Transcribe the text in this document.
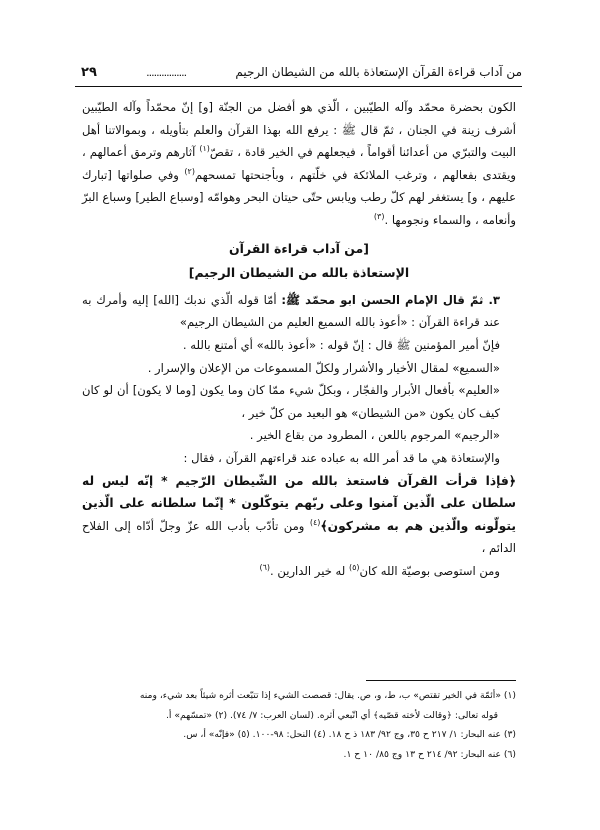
من آداب قراءة القرآن الإستعاذة بالله من الشيطان الرجيم
................
٢٩

الكون بحضرة محمّد وآله الطيّبين ، الّذي هو أفضل من الجنّة [و] إنّ محمّداً وآله الطيّبين أشرف زينة في الجنان ، ثمّ قال ﷺ : يرفع الله بهذا القرآن والعلم بتأويله ، وبموالاتنا أهل البيت والتبرّي من أعدائنا أقواماً ، فيجعلهم في الخير قادة ، تقصّ$^{(١)}$ آثارهم وترمق أعمالهم ، ويقتدى بفعالهم ، وترغب الملائكة في خلّتهم ، وبأجنحتها تمسحهم$^{(٢)}$ وفي صلواتها [تبارك عليهم ، و] يستغفر لهم كلّ رطب ويابس حتّى حيتان البحر وهوامّه [وسباع الطير] وسباع البرّ وأنعامه ، والسماء ونجومها .$^{(٣)}$

[من آداب قراءة القرآن

الإستعاذة بالله من الشيطان الرجيم]

٣. ثمّ قال الإمام الحسن ابو محمّد ﷺ: أمّا قوله الّذي ندبك [الله] إليه وأمرك به عند قراءة القرآن : «أعوذ بالله السميع العليم من الشيطان الرجيم»

فإنّ أمير المؤمنين ﷺ قال : إنّ قوله : «أعوذ بالله» أي أمتنع بالله .

«السميع» لمقال الأخيار والأشرار ولكلّ المسموعات من الإعلان والإسرار .

«العليم» بأفعال الأبرار والفجّار ، وبكلّ شيء ممّا كان وما يكون [وما لا يكون] أن لو كان كيف كان يكون «من الشيطان» هو البعيد من كلّ خير ،

«الرجيم» المرجوم باللعن ، المطرود من بقاع الخير .

والإستعاذة هي ما قد أمر الله به عباده عند قراءتهم القرآن ، فقال :

﴿فإذا قرأت القرآن فاستعذ بالله من الشّيطان الرّجيم * إنّه ليس له سلطان على الّذين آمنوا وعلى ربّهم يتوكّلون * إنّما سلطانه على الّذين يتولّونه والّذين هم به مشركون﴾$^{(٤)}$ ومن تأدّب بأدب الله عزّ وجلّ أدّاه إلى الفلاح الدائم ،

ومن استوصى بوصيّة الله كان$^{(٥)}$ له خير الدارين .$^{(٦)}$

(١) «أئمّة في الخير تقتص» ب، ط، و، ص. يقال: قصصت الشيء إذا تتبّعت أثره شيئاً بعد شيء، ومنه

قوله تعالى: ﴿وقالت لأخته قصّيه﴾ أي اتّبعي أثره. (لسان العرب: ٧/ ٧٤). (٢) «تمسّهم» أ.

(٣) عنه البحار: ١/ ٢١٧ ح ٣٥، وج ٩٢/ ١٨٣ ذ ح ١٨. (٤) النحل: ٩٨-١٠٠. (٥) «فإنّه» أ، س.

(٦) عنه البحار: ٩٢/ ٢١٤ ح ١٣ وج ٨٥/ ١٠ ح ١.
